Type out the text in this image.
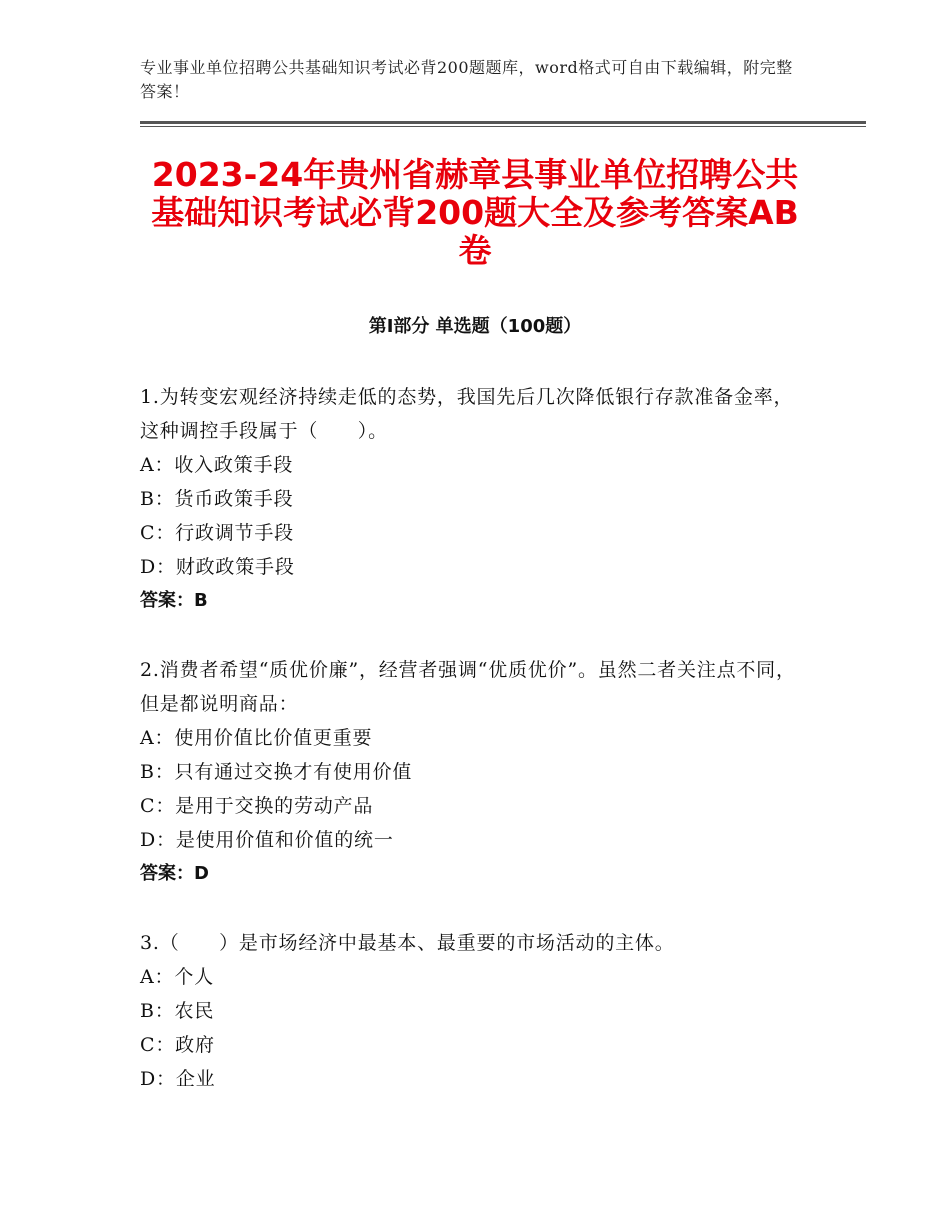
专业事业单位招聘公共基础知识考试必背200题题库，word格式可自由下载编辑，附完整答案！
2023-24年贵州省赫章县事业单位招聘公共基础知识考试必背200题大全及参考答案AB卷
第Ⅰ部分 单选题（100题）
1.为转变宏观经济持续走低的态势，我国先后几次降低银行存款准备金率，这种调控手段属于（　　）。
A：收入政策手段
B：货币政策手段
C：行政调节手段
D：财政政策手段
答案：B
2.消费者希望“质优价廉”，经营者强调“优质优价”。虽然二者关注点不同，但是都说明商品：
A：使用价值比价值更重要
B：只有通过交换才有使用价值
C：是用于交换的劳动产品
D：是使用价值和价值的统一
答案：D
3.（　　）是市场经济中最基本、最重要的市场活动的主体。
A：个人
B：农民
C：政府
D：企业
